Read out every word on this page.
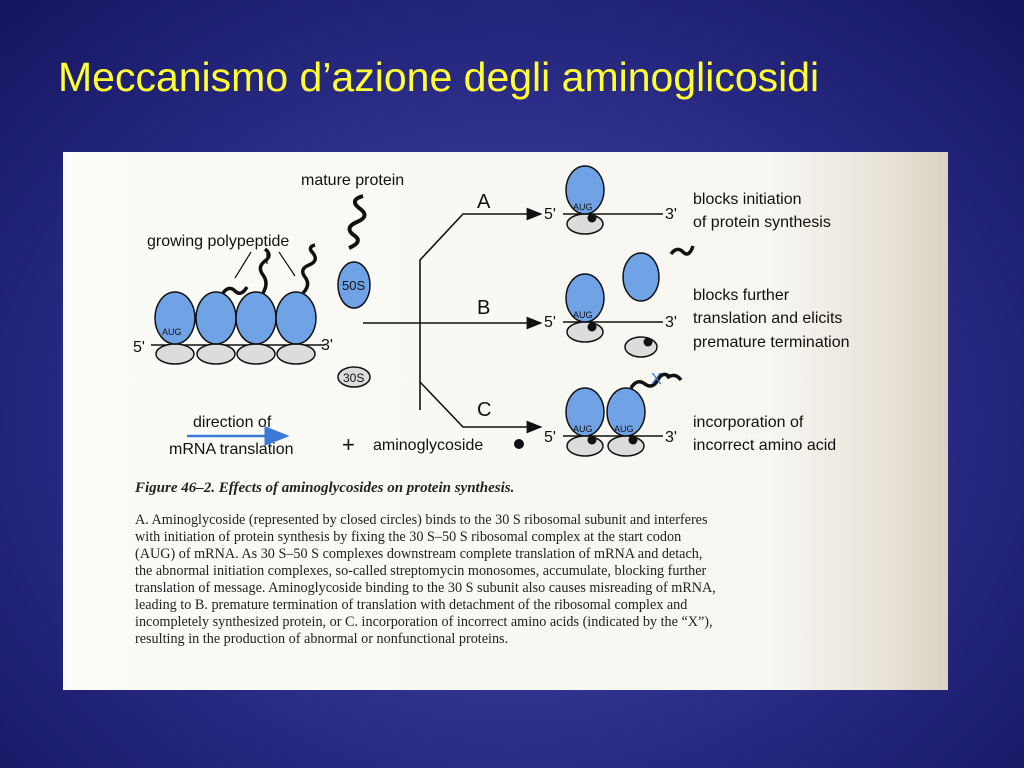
Meccanismo d’azione degli aminoglicosidi
mature protein
growing polypeptide
AUG
5'	3'
50S
30S
direction of
mRNA translation + aminoglycoside
A
B
C
AUG
5'	3'
blocks initiation
of protein synthesis
AUG
5'	3'
blocks further
translation and elicits
premature termination
AUG AUG
X
5'	3'
incorporation of
incorrect amino acid
Figure 46–2. Effects of aminoglycosides on protein synthesis.
A. Aminoglycoside (represented by closed circles) binds to the 30 S ribosomal subunit and interferes
with initiation of protein synthesis by fixing the 30 S–50 S ribosomal complex at the start codon
(AUG) of mRNA. As 30 S–50 S complexes downstream complete translation of mRNA and detach,
the abnormal initiation complexes, so-called streptomycin monosomes, accumulate, blocking further
translation of message. Aminoglycoside binding to the 30 S subunit also causes misreading of mRNA,
leading to B. premature termination of translation with detachment of the ribosomal complex and
incompletely synthesized protein, or C. incorporation of incorrect amino acids (indicated by the “X”),
resulting in the production of abnormal or nonfunctional proteins.
